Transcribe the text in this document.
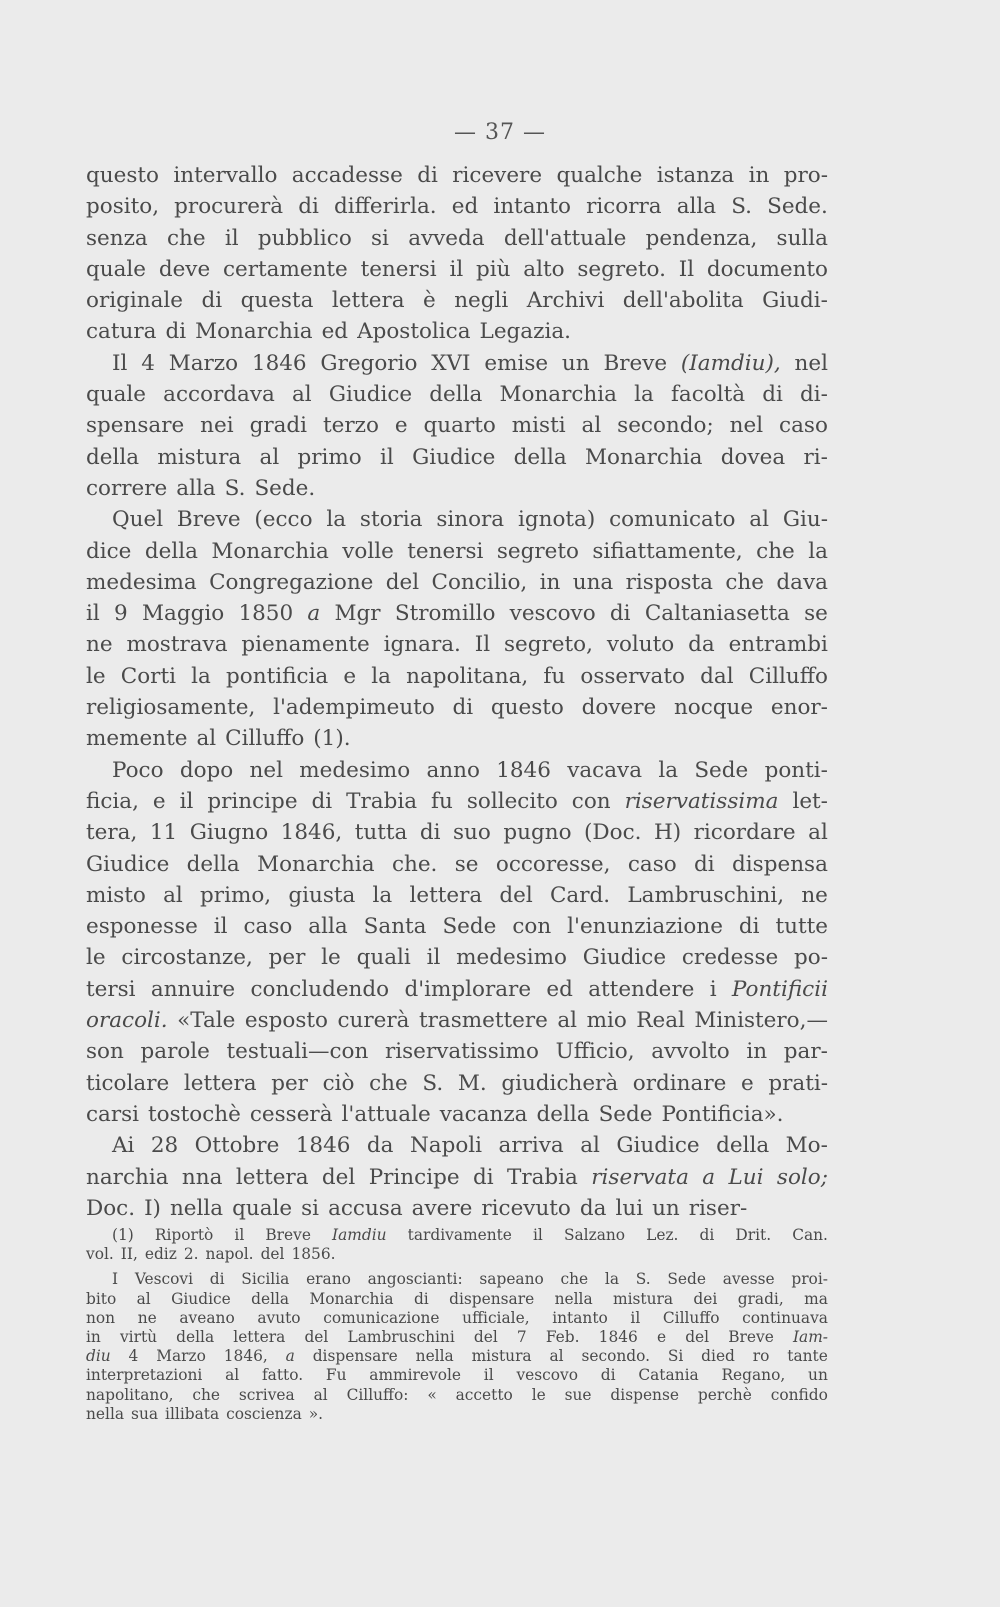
— 37 —
questo intervallo accadesse di ricevere qualche istanza in pro-
posito, procurerà di differirla. ed intanto ricorra alla S. Sede.
senza che il pubblico si avveda dell'attuale pendenza, sulla
quale deve certamente tenersi il più alto segreto. Il documento
originale di questa lettera è negli Archivi dell'abolita Giudi-
catura di Monarchia ed Apostolica Legazia.
Il 4 Marzo 1846 Gregorio XVI emise un Breve (Iamdiu), nel
quale accordava al Giudice della Monarchia la facoltà di di-
spensare nei gradi terzo e quarto misti al secondo; nel caso
della mistura al primo il Giudice della Monarchia dovea ri-
correre alla S. Sede.
Quel Breve (ecco la storia sinora ignota) comunicato al Giu-
dice della Monarchia volle tenersi segreto sifiattamente, che la
medesima Congregazione del Concilio, in una risposta che dava
il 9 Maggio 1850 a Mgr Stromillo vescovo di Caltaniasetta se
ne mostrava pienamente ignara. Il segreto, voluto da entrambi
le Corti la pontificia e la napolitana, fu osservato dal Cilluffo
religiosamente, l'adempimeuto di questo dovere nocque enor-
memente al Cilluffo (1).
Poco dopo nel medesimo anno 1846 vacava la Sede ponti-
ficia, e il principe di Trabia fu sollecito con riservatissima let-
tera, 11 Giugno 1846, tutta di suo pugno (Doc. H) ricordare al
Giudice della Monarchia che. se occoresse, caso di dispensa
misto al primo, giusta la lettera del Card. Lambruschini, ne
esponesse il caso alla Santa Sede con l'enunziazione di tutte
le circostanze, per le quali il medesimo Giudice credesse po-
tersi annuire concludendo d'implorare ed attendere i Pontificii
oracoli. «Tale esposto curerà trasmettere al mio Real Ministero,—
son parole testuali—con riservatissimo Ufficio, avvolto in par-
ticolare lettera per ciò che S. M. giudicherà ordinare e prati-
carsi tostochè cesserà l'attuale vacanza della Sede Pontificia».
Ai 28 Ottobre 1846 da Napoli arriva al Giudice della Mo-
narchia nna lettera del Principe di Trabia riservata a Lui solo;
Doc. I) nella quale si accusa avere ricevuto da lui un riser-
(1) Riportò il Breve Iamdiu tardivamente il Salzano Lez. di Drit. Can.
vol. II, ediz 2. napol. del 1856.
I Vescovi di Sicilia erano angoscianti: sapeano che la S. Sede avesse proi-
bito al Giudice della Monarchia di dispensare nella mistura dei gradi, ma
non ne aveano avuto comunicazione ufficiale, intanto il Cilluffo continuava
in virtù della lettera del Lambruschini del 7 Feb. 1846 e del Breve Iam-
diu 4 Marzo 1846, a dispensare nella mistura al secondo. Si died ro tante
interpretazioni al fatto. Fu ammirevole il vescovo di Catania Regano, un
napolitano, che scrivea al Cilluffo: « accetto le sue dispense perchè confido
nella sua illibata coscienza ».
